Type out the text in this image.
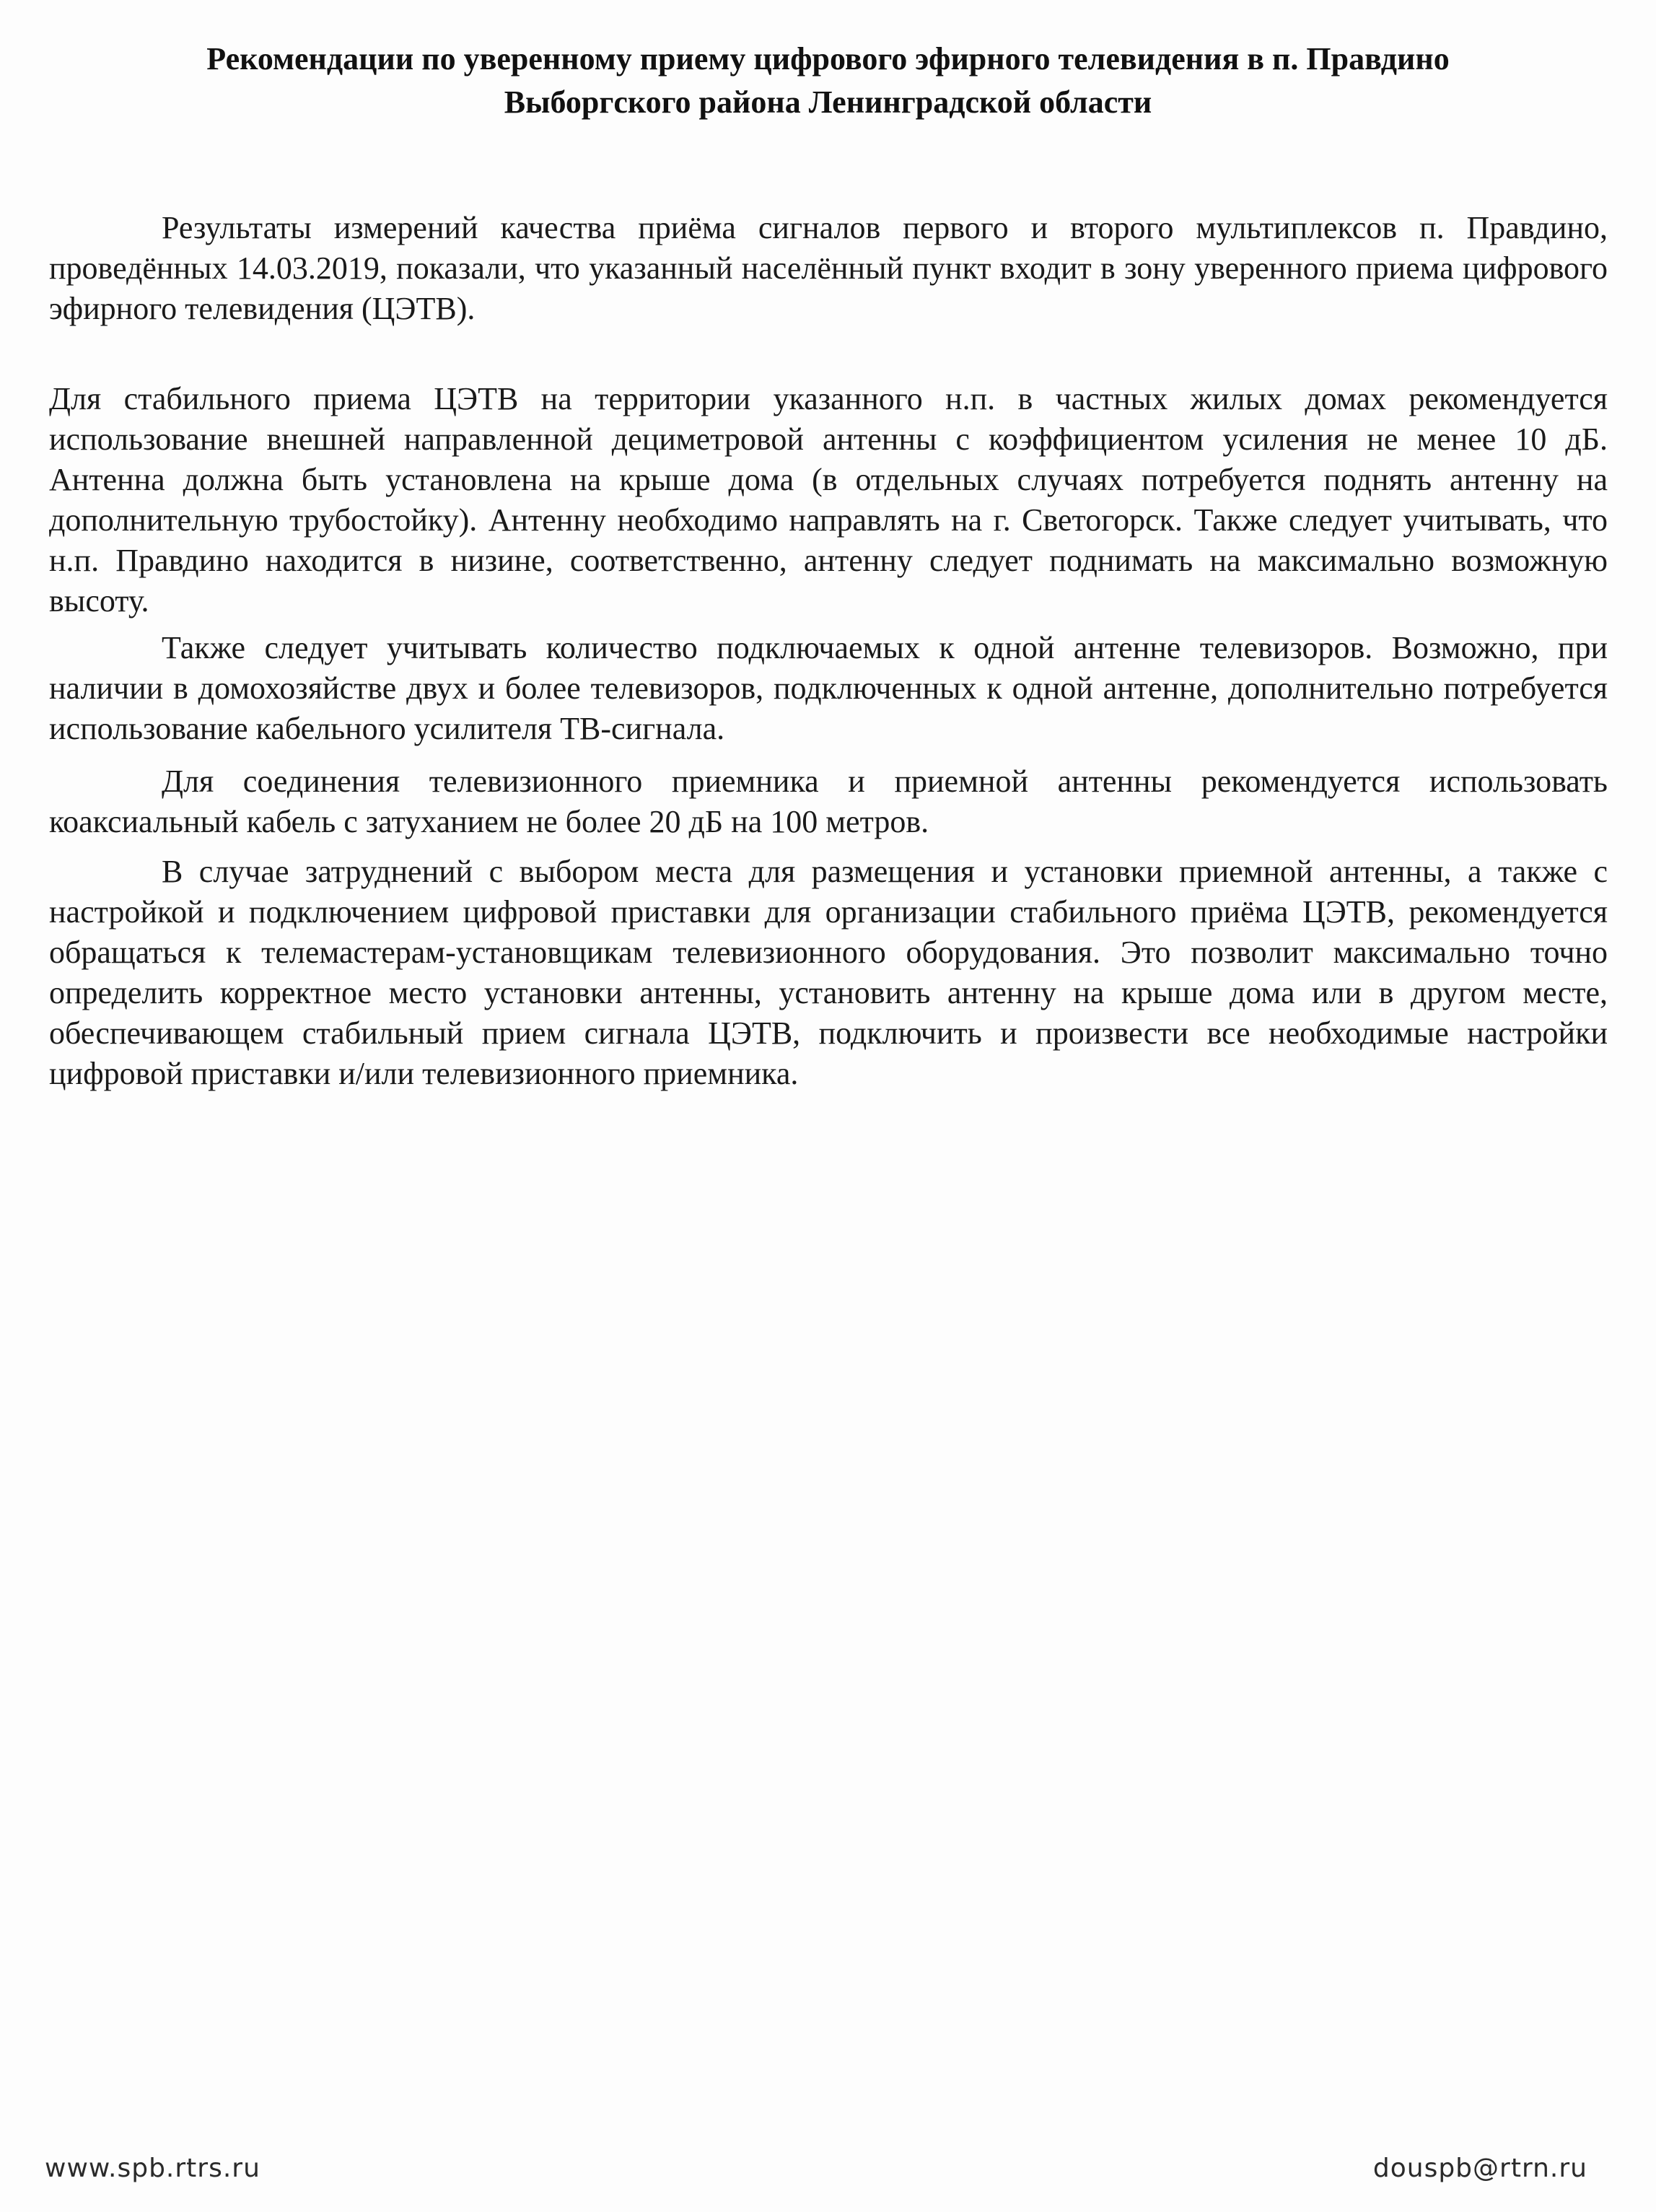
Рекомендации по уверенному приему цифрового эфирного телевидения в п. Правдино
Выборгского района Ленинградской области
Результаты измерений качества приёма сигналов первого и второго мультиплексов п. Правдино, проведённых 14.03.2019, показали, что указанный населённый пункт входит в зону уверенного приема цифрового эфирного телевидения (ЦЭТВ).
Для стабильного приема ЦЭТВ на территории указанного н.п. в частных жилых домах рекомендуется использование внешней направленной дециметровой антенны с коэффициентом усиления не менее 10 дБ. Антенна должна быть установлена на крыше дома (в отдельных случаях потребуется поднять антенну на дополнительную трубостойку). Антенну необходимо направлять на г. Светогорск. Также следует учитывать, что н.п. Правдино находится в низине, соответственно, антенну следует поднимать на максимально возможную высоту.
Также следует учитывать количество подключаемых к одной антенне телевизоров. Возможно, при наличии в домохозяйстве двух и более телевизоров, подключенных к одной антенне, дополнительно потребуется использование кабельного усилителя ТВ-сигнала.
Для соединения телевизионного приемника и приемной антенны рекомендуется использовать коаксиальный кабель с затуханием не более 20 дБ на 100 метров.
В случае затруднений с выбором места для размещения и установки приемной антенны, а также с настройкой и подключением цифровой приставки для организации стабильного приёма ЦЭТВ, рекомендуется обращаться к телемастерам-установщикам телевизионного оборудования. Это позволит максимально точно определить корректное место установки антенны, установить антенну на крыше дома или в другом месте, обеспечивающем стабильный прием сигнала ЦЭТВ, подключить и произвести все необходимые настройки цифровой приставки и/или телевизионного приемника.
www.spb.rtrs.ru	douspb@rtrn.ru
